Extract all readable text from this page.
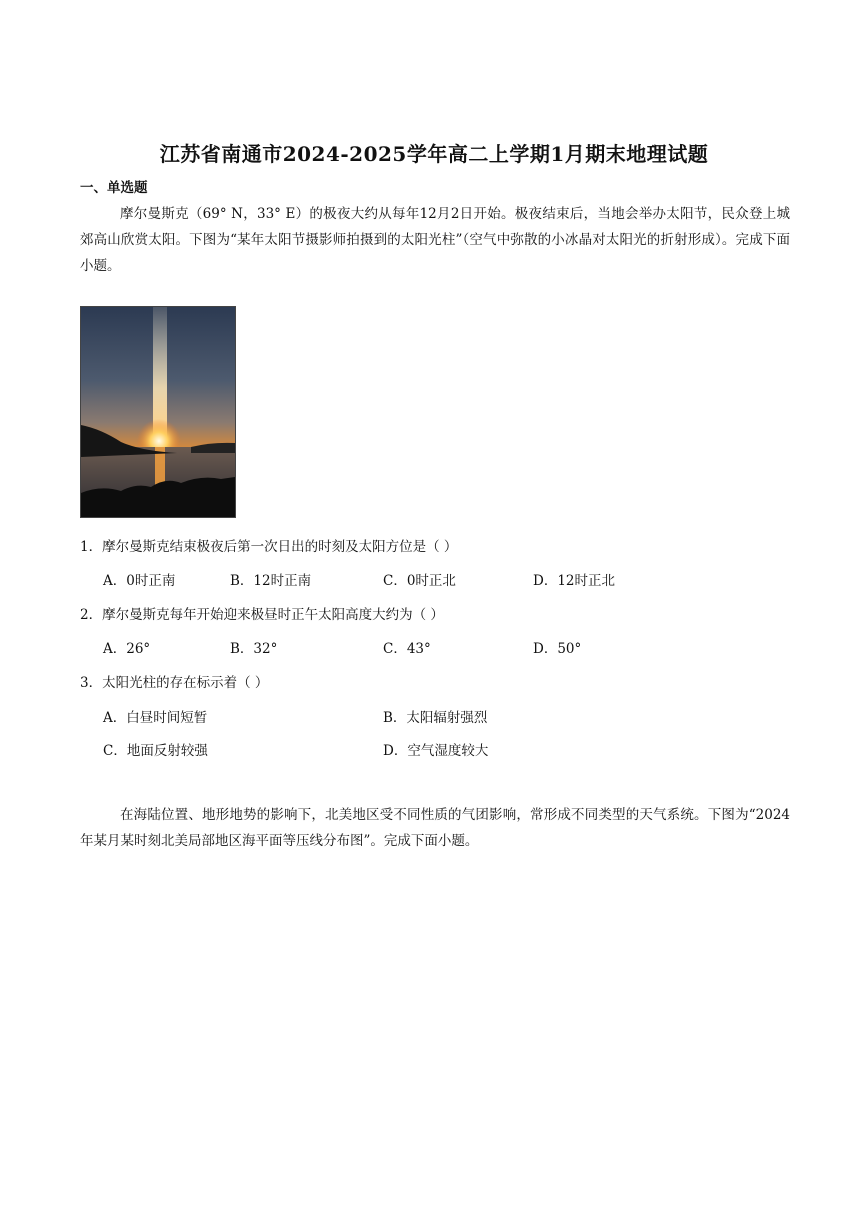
江苏省南通市2024-2025学年高二上学期1月期末地理试题
一、单选题
摩尔曼斯克（69° N，33° E）的极夜大约从每年12月2日开始。极夜结束后，当地会举办太阳节，民众登上城郊高山欣赏太阳。下图为“某年太阳节摄影师拍摄到的太阳光柱”（空气中弥散的小冰晶对太阳光的折射形成）。完成下面小题。
1．摩尔曼斯克结束极夜后第一次日出的时刻及太阳方位是（ ）
A．0时正南	B．12时正南	C．0时正北	D．12时正北
2．摩尔曼斯克每年开始迎来极昼时正午太阳高度大约为（ ）
A．26°	B．32°	C．43°	D．50°
3．太阳光柱的存在标示着（ ）
A．白昼时间短暂	B．太阳辐射强烈
C．地面反射较强	D．空气湿度较大
在海陆位置、地形地势的影响下，北美地区受不同性质的气团影响，常形成不同类型的天气系统。下图为“2024年某月某时刻北美局部地区海平面等压线分布图”。完成下面小题。
